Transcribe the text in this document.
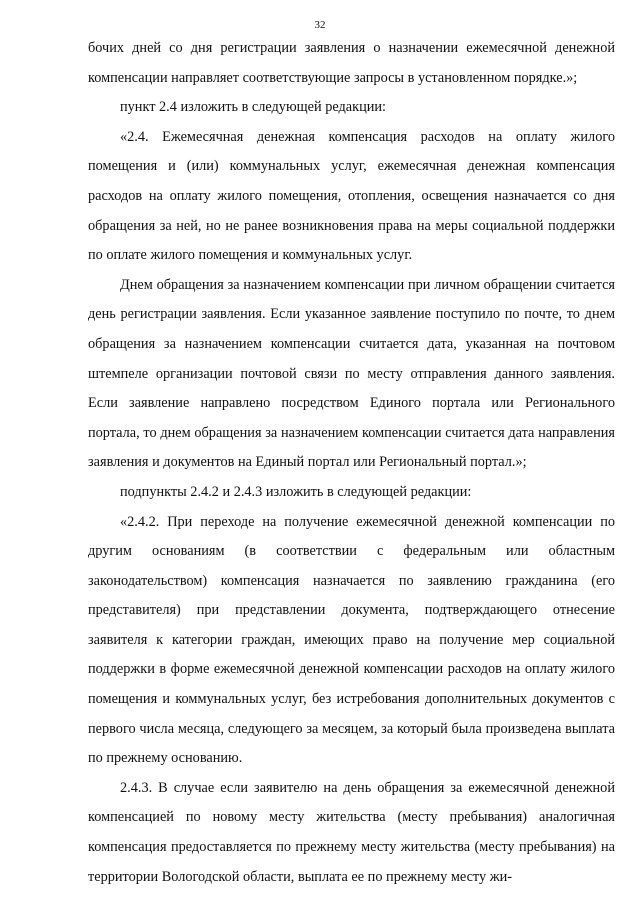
32

бочих дней со дня регистрации заявления о назначении ежемесячной денежной компенсации направляет соответствующие запросы в установленном порядке.»;

пункт 2.4 изложить в следующей редакции:

«2.4. Ежемесячная денежная компенсация расходов на оплату жилого помещения и (или) коммунальных услуг, ежемесячная денежная компенсация расходов на оплату жилого помещения, отопления, освещения назначается со дня обращения за ней, но не ранее возникновения права на меры социальной поддержки по оплате жилого помещения и коммунальных услуг.

Днем обращения за назначением компенсации при личном обращении считается день регистрации заявления. Если указанное заявление поступило по почте, то днем обращения за назначением компенсации считается дата, указанная на почтовом штемпеле организации почтовой связи по месту отправления данного заявления. Если заявление направлено посредством Единого портала или Регионального портала, то днем обращения за назначением компенсации считается дата направления заявления и документов на Единый портал или Региональный портал.»;

подпункты 2.4.2 и 2.4.3 изложить в следующей редакции:

«2.4.2. При переходе на получение ежемесячной денежной компенсации по другим основаниям (в соответствии с федеральным или областным законодательством) компенсация назначается по заявлению гражданина (его представителя) при представлении документа, подтверждающего отнесение заявителя к категории граждан, имеющих право на получение мер социальной поддержки в форме ежемесячной денежной компенсации расходов на оплату жилого помещения и коммунальных услуг, без истребования дополнительных документов с первого числа месяца, следующего за месяцем, за который была произведена выплата по прежнему основанию.

2.4.3. В случае если заявителю на день обращения за ежемесячной денежной компенсацией по новому месту жительства (месту пребывания) аналогичная компенсация предоставляется по прежнему месту жительства (месту пребывания) на территории Вологодской области, выплата ее по прежнему месту жи-
